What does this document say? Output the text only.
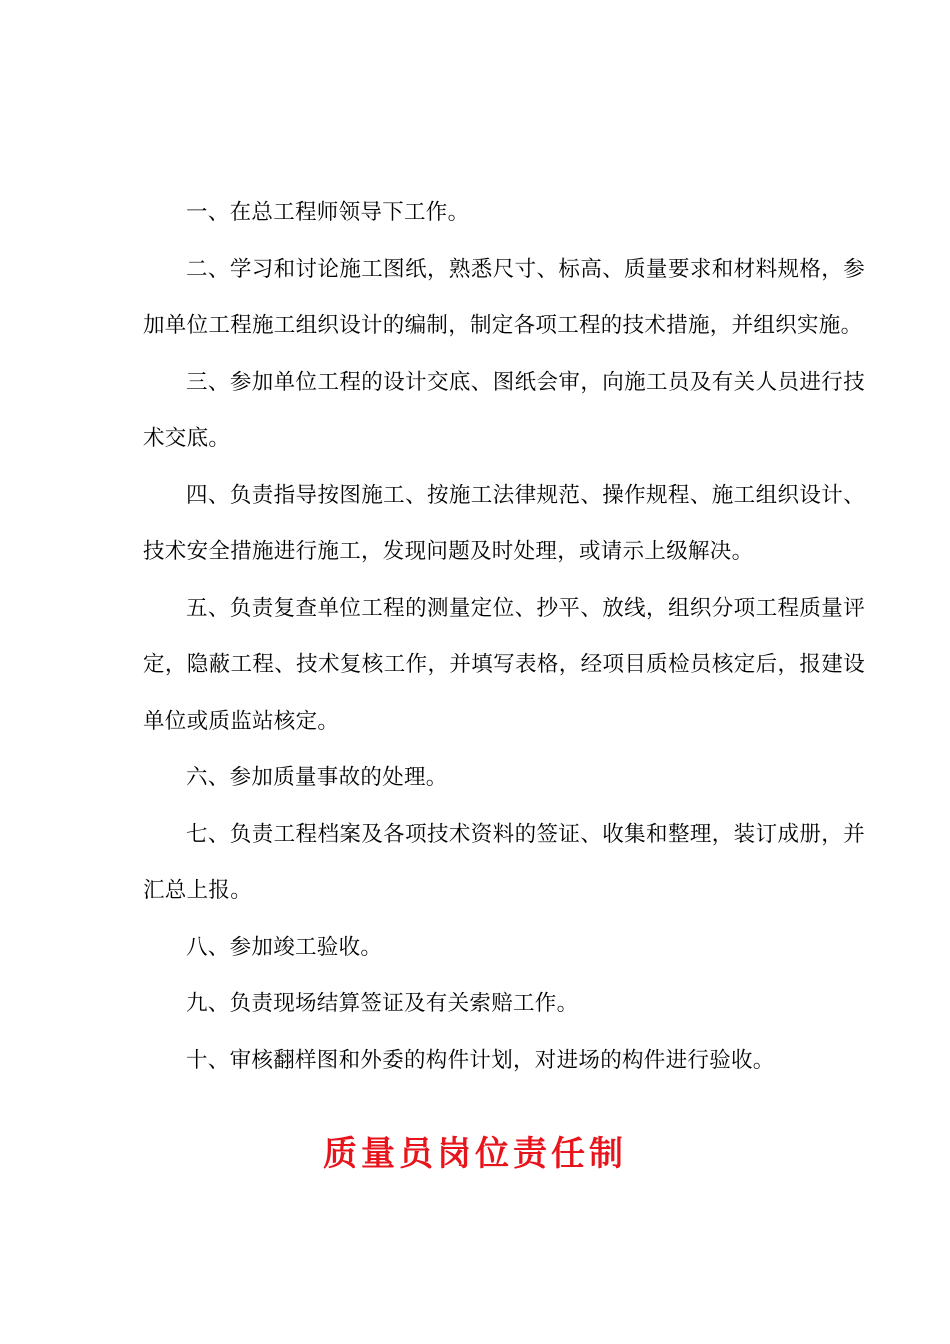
一、在总工程师领导下工作。

二、学习和讨论施工图纸，熟悉尺寸、标高、质量要求和材料规格，参加单位工程施工组织设计的编制，制定各项工程的技术措施，并组织实施。

三、参加单位工程的设计交底、图纸会审，向施工员及有关人员进行技术交底。

四、负责指导按图施工、按施工法律规范、操作规程、施工组织设计、技术安全措施进行施工，发现问题及时处理，或请示上级解决。

五、负责复查单位工程的测量定位、抄平、放线，组织分项工程质量评定，隐蔽工程、技术复核工作，并填写表格，经项目质检员核定后，报建设单位或质监站核定。

六、参加质量事故的处理。

七、负责工程档案及各项技术资料的签证、收集和整理，装订成册，并汇总上报。

八、参加竣工验收。

九、负责现场结算签证及有关索赔工作。

十、审核翻样图和外委的构件计划，对进场的构件进行验收。

质量员岗位责任制
